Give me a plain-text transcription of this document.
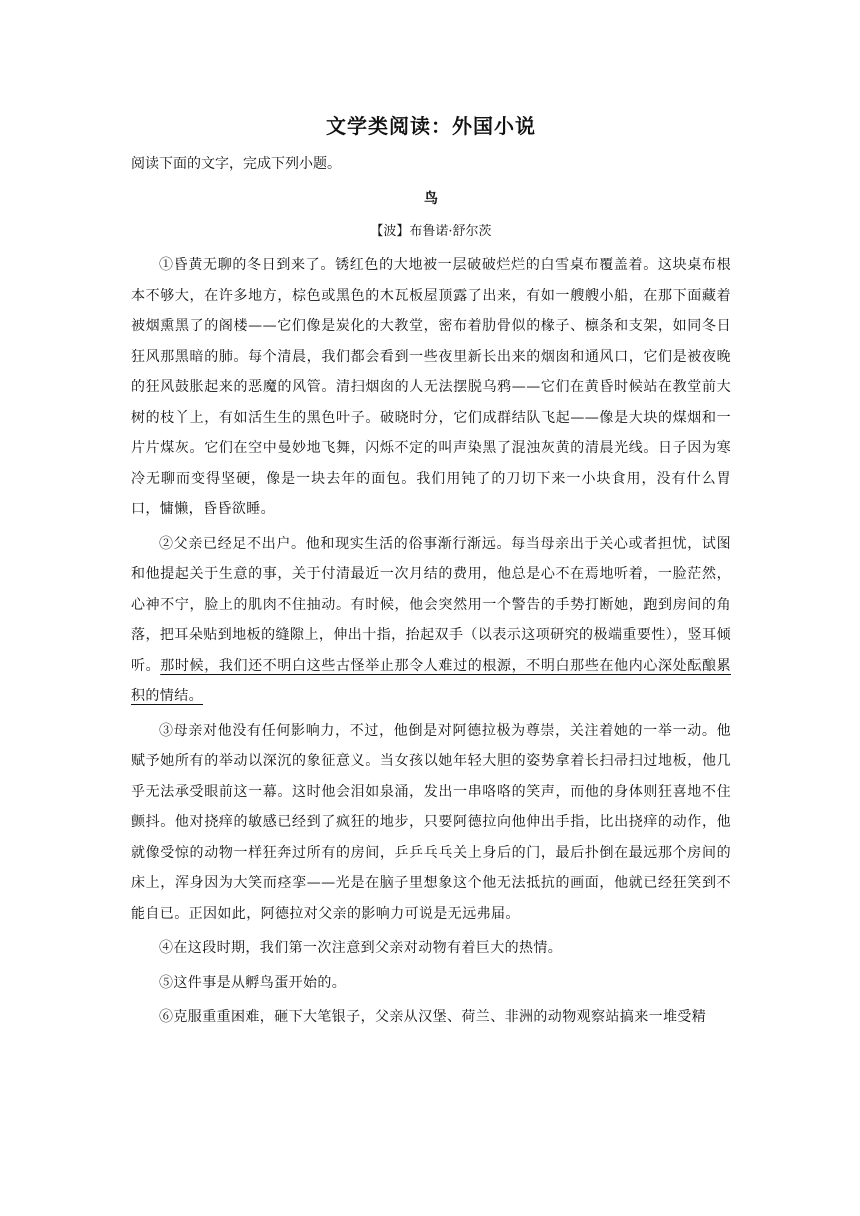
文学类阅读：外国小说

阅读下面的文字，完成下列小题。

鸟

【波】布鲁诺·舒尔茨

①昏黄无聊的冬日到来了。锈红色的大地被一层破破烂烂的白雪桌布覆盖着。这块桌布根本不够大，在许多地方，棕色或黑色的木瓦板屋顶露了出来，有如一艘艘小船，在那下面藏着被烟熏黑了的阁楼——它们像是炭化的大教堂，密布着肋骨似的椽子、檩条和支架，如同冬日狂风那黑暗的肺。每个清晨，我们都会看到一些夜里新长出来的烟囱和通风口，它们是被夜晚的狂风鼓胀起来的恶魔的风管。清扫烟囱的人无法摆脱乌鸦——它们在黄昏时候站在教堂前大树的枝丫上，有如活生生的黑色叶子。破晓时分，它们成群结队飞起——像是大块的煤烟和一片片煤灰。它们在空中曼妙地飞舞，闪烁不定的叫声染黑了混浊灰黄的清晨光线。日子因为寒冷无聊而变得坚硬，像是一块去年的面包。我们用钝了的刀切下来一小块食用，没有什么胃口，慵懒，昏昏欲睡。

②父亲已经足不出户。他和现实生活的俗事渐行渐远。每当母亲出于关心或者担忧，试图和他提起关于生意的事，关于付清最近一次月结的费用，他总是心不在焉地听着，一脸茫然，心神不宁，脸上的肌肉不住抽动。有时候，他会突然用一个警告的手势打断她，跑到房间的角落，把耳朵贴到地板的缝隙上，伸出十指，抬起双手（以表示这项研究的极端重要性），竖耳倾听。那时候，我们还不明白这些古怪举止那令人难过的根源，不明白那些在他内心深处酝酿累积的情结。

③母亲对他没有任何影响力，不过，他倒是对阿德拉极为尊崇，关注着她的一举一动。他赋予她所有的举动以深沉的象征意义。当女孩以她年轻大胆的姿势拿着长扫帚扫过地板，他几乎无法承受眼前这一幕。这时他会泪如泉涌，发出一串咯咯的笑声，而他的身体则狂喜地不住颤抖。他对挠痒的敏感已经到了疯狂的地步，只要阿德拉向他伸出手指，比出挠痒的动作，他就像受惊的动物一样狂奔过所有的房间，乒乒乓乓关上身后的门，最后扑倒在最远那个房间的床上，浑身因为大笑而痉挛——光是在脑子里想象这个他无法抵抗的画面，他就已经狂笑到不能自已。正因如此，阿德拉对父亲的影响力可说是无远弗届。

④在这段时期，我们第一次注意到父亲对动物有着巨大的热情。

⑤这件事是从孵鸟蛋开始的。

⑥克服重重困难，砸下大笔银子，父亲从汉堡、荷兰、非洲的动物观察站搞来一堆受精
